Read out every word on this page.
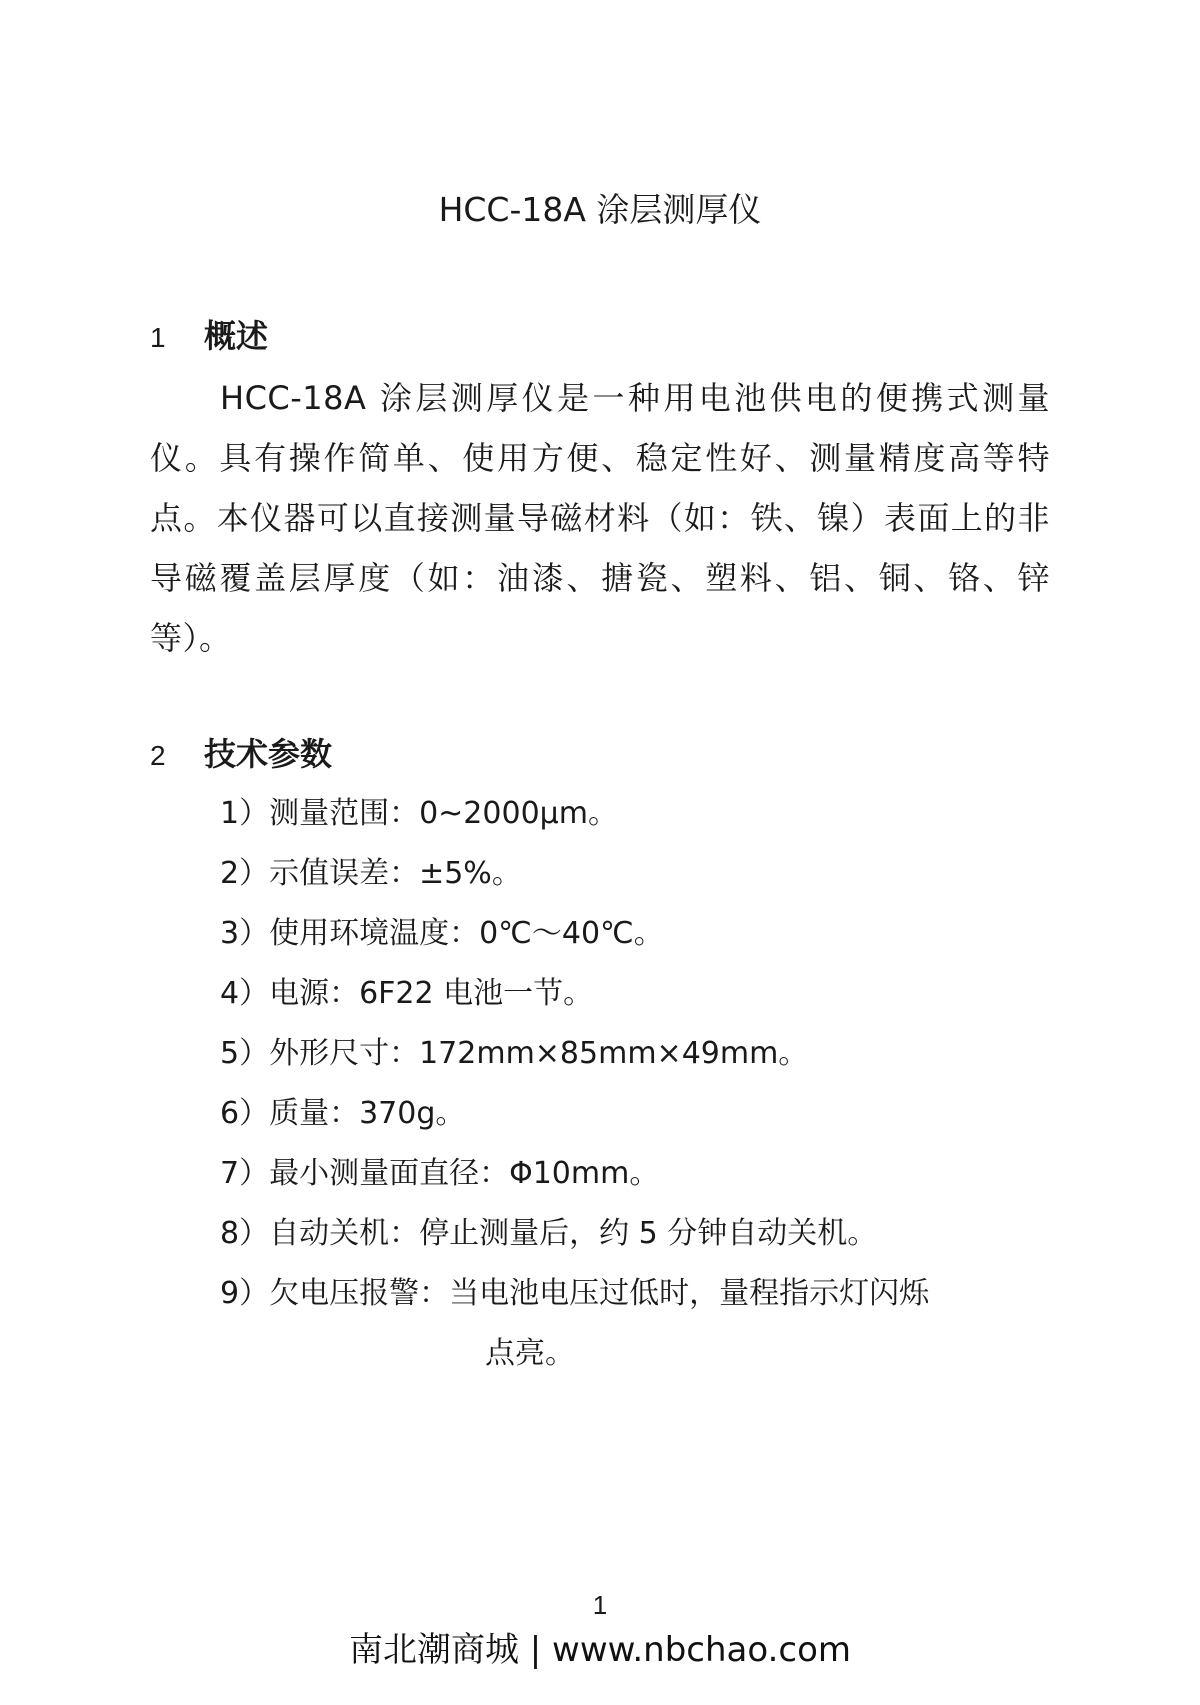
HCC-18A 涂层测厚仪
1 概述
HCC-18A 涂层测厚仪是一种用电池供电的便携式测量仪。具有操作简单、使用方便、稳定性好、测量精度高等特点。本仪器可以直接测量导磁材料（如：铁、镍）表面上的非导磁覆盖层厚度（如：油漆、搪瓷、塑料、铝、铜、铬、锌等）。
2 技术参数
1）测量范围：0~2000μm。
2）示值误差：±5%。
3）使用环境温度：0℃～40℃。
4）电源：6F22 电池一节。
5）外形尺寸：172mm×85mm×49mm。
6）质量：370g。
7）最小测量面直径：Φ10mm。
8）自动关机：停止测量后，约 5 分钟自动关机。
9）欠电压报警：当电池电压过低时，量程指示灯闪烁
点亮。
1
南北潮商城 | www.nbchao.com
